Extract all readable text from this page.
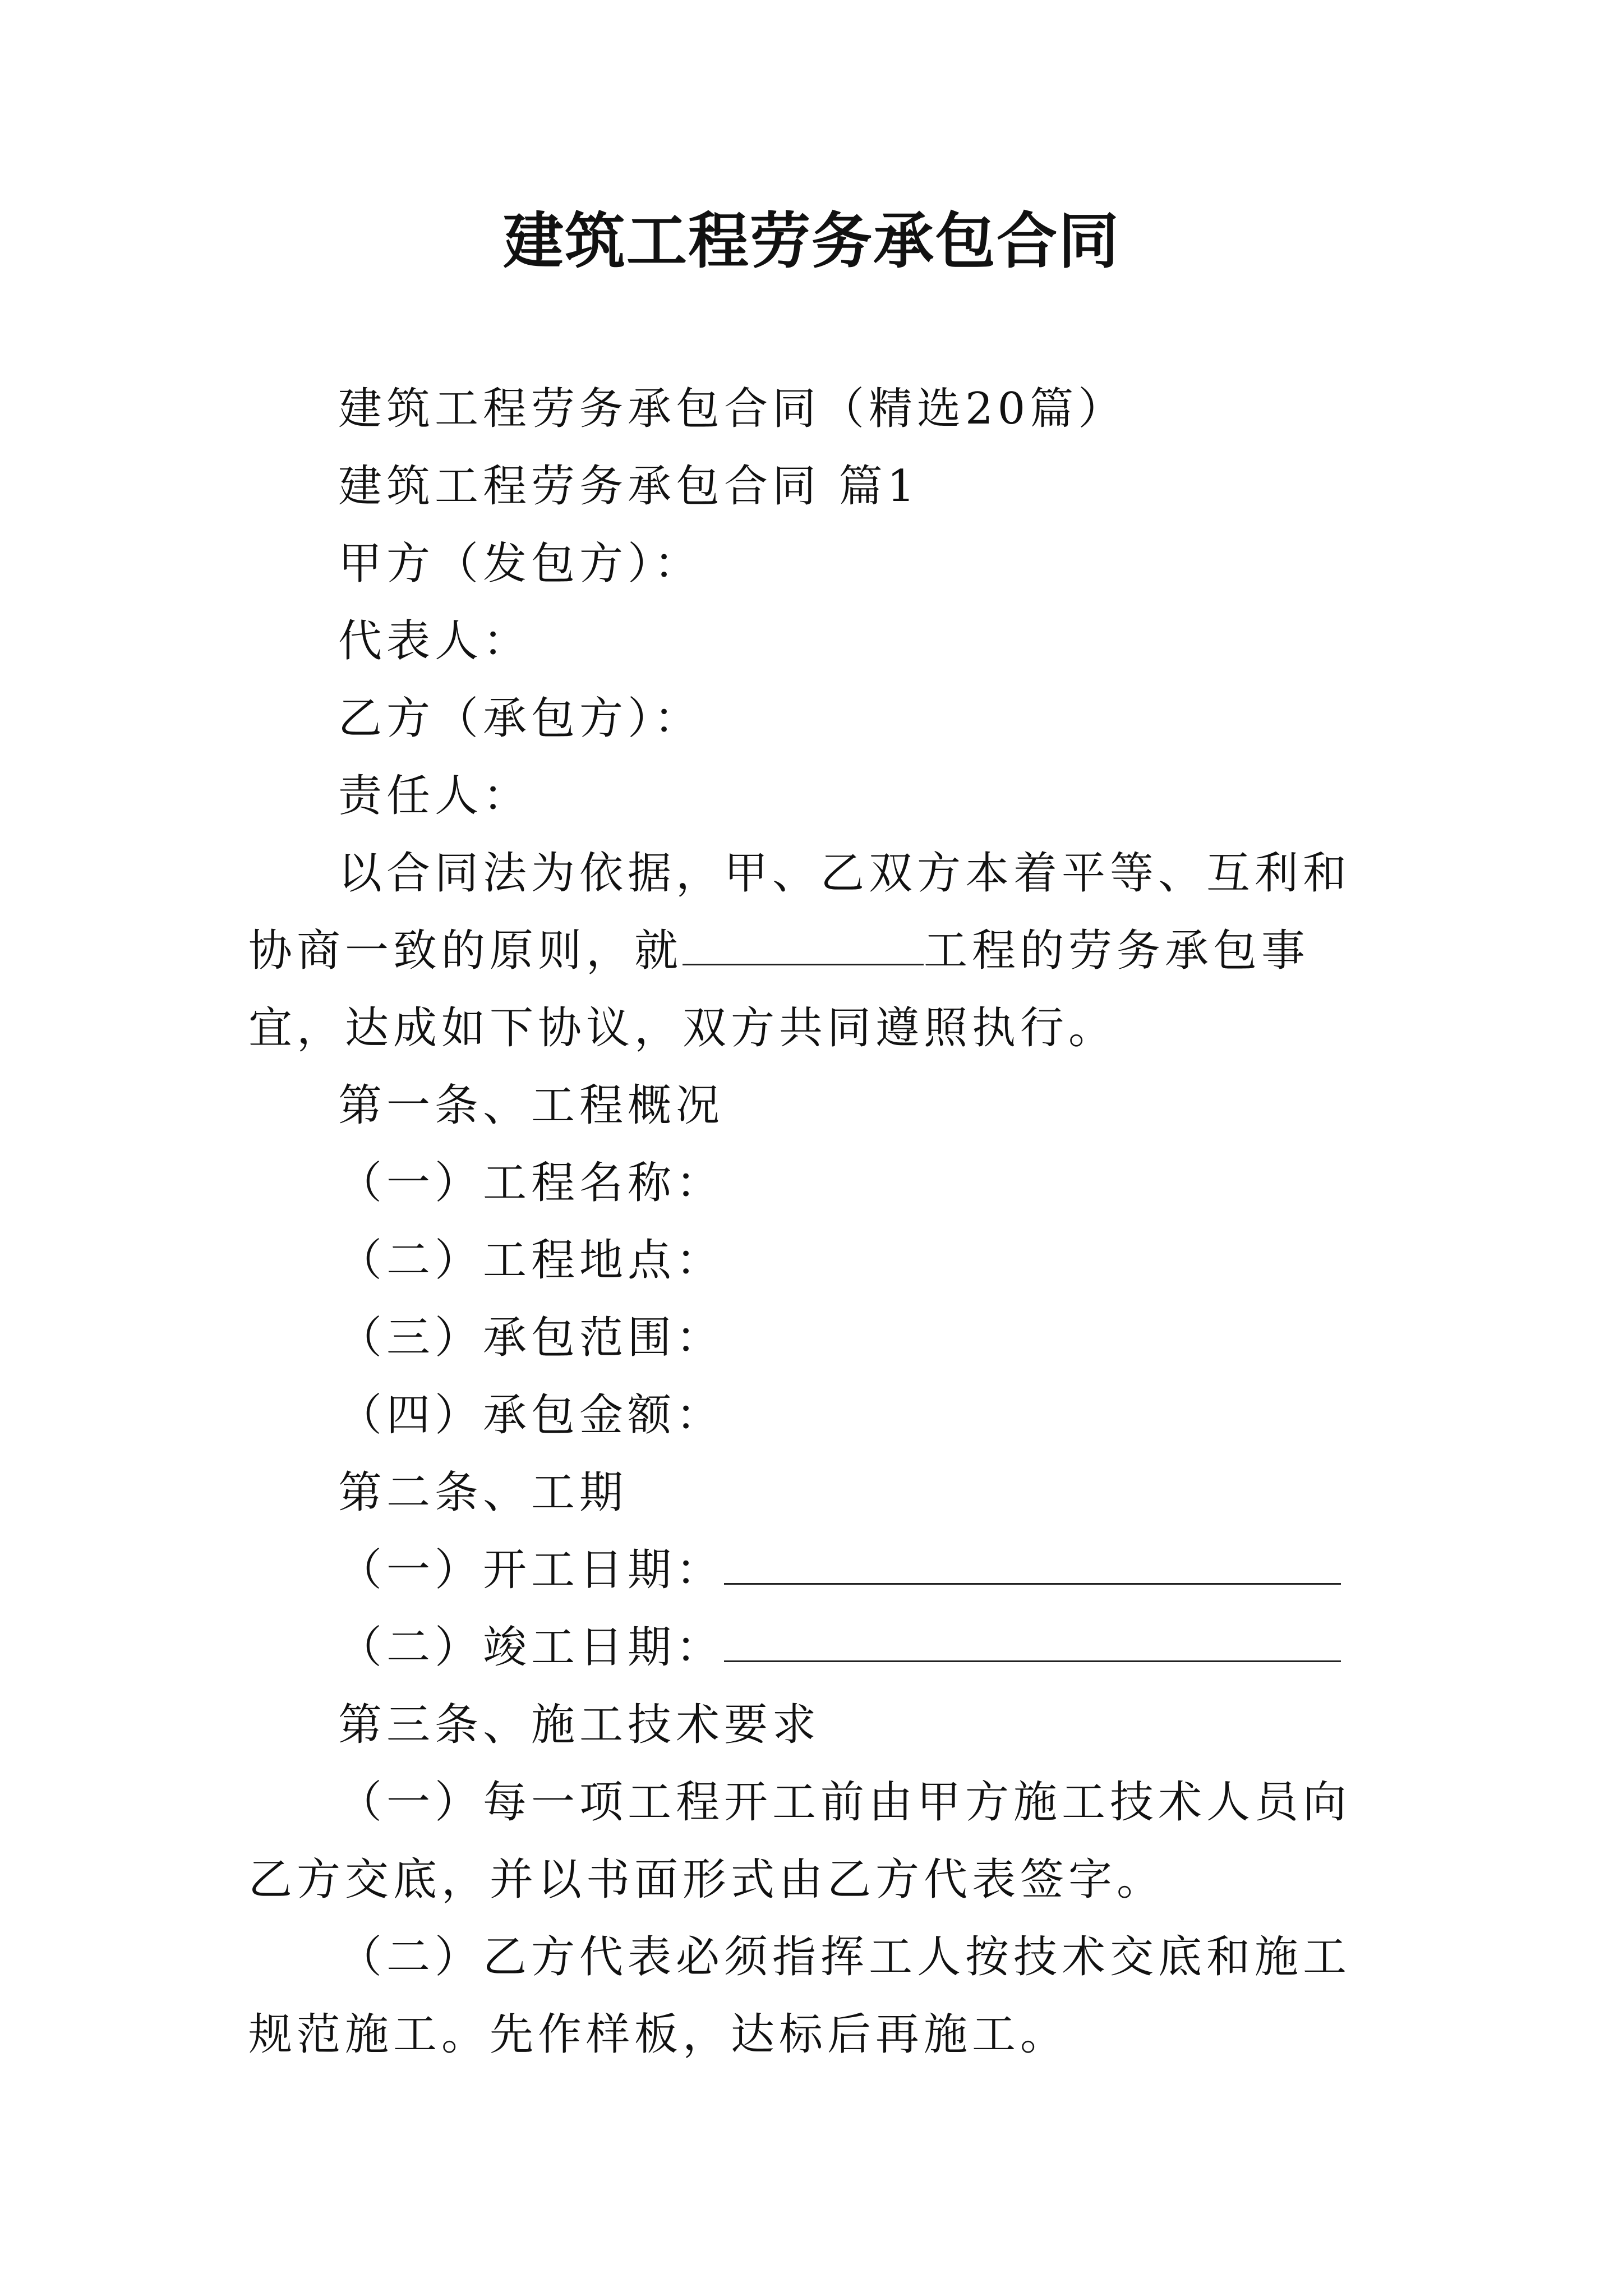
建筑工程劳务承包合同

建筑工程劳务承包合同（精选20篇）

建筑工程劳务承包合同 篇1

甲方（发包方）：

代表人：

乙方（承包方）：

责任人：

以合同法为依据，甲、乙双方本着平等、互利和协商一致的原则，就	工程的劳务承包事宜，达成如下协议，双方共同遵照执行。

第一条、工程概况

（一）工程名称：

（二）工程地点：

（三）承包范围：

（四）承包金额：

第二条、工期

（一）开工日期：

（二）竣工日期：

第三条、施工技术要求

（一）每一项工程开工前由甲方施工技术人员向乙方交底，并以书面形式由乙方代表签字。

（二）乙方代表必须指挥工人按技术交底和施工规范施工。先作样板，达标后再施工。
